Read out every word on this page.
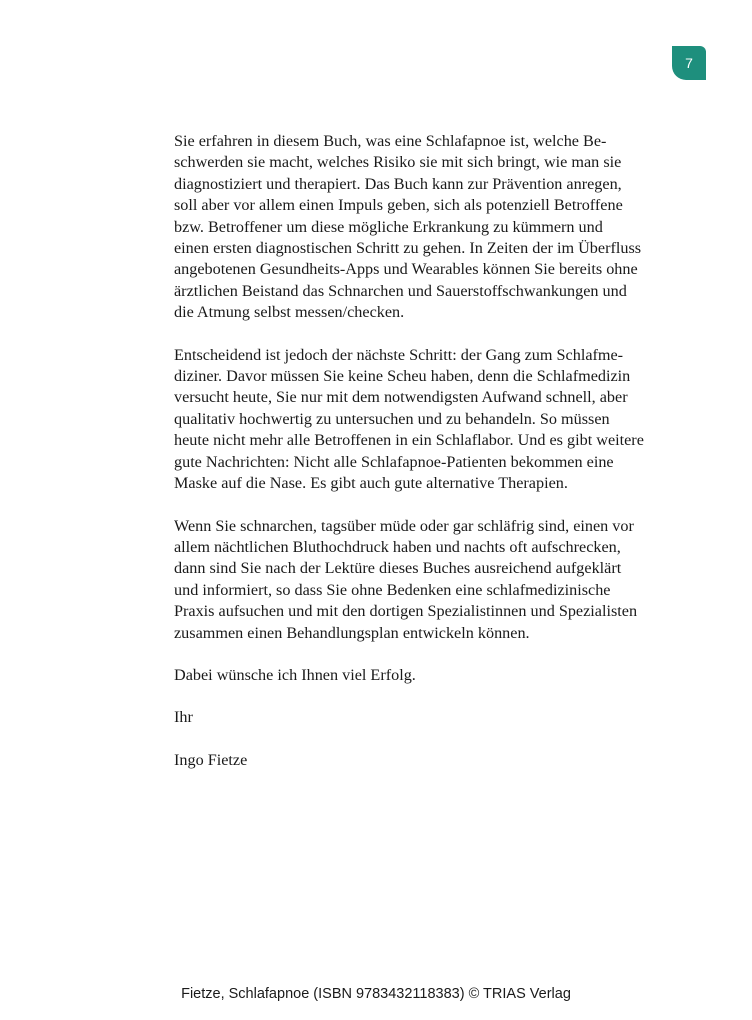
7

Sie erfahren in diesem Buch, was eine Schlafapnoe ist, welche Be-
schwerden sie macht, welches Risiko sie mit sich bringt, wie man sie
diagnostiziert und therapiert. Das Buch kann zur Prävention anregen,
soll aber vor allem einen Impuls geben, sich als potenziell Betroffene
bzw. Betroffener um diese mögliche Erkrankung zu kümmern und
einen ersten diagnostischen Schritt zu gehen. In Zeiten der im Überfluss
angebotenen Gesundheits-Apps und Wearables können Sie bereits ohne
ärztlichen Beistand das Schnarchen und Sauerstoffschwankungen und
die Atmung selbst messen/checken.

Entscheidend ist jedoch der nächste Schritt: der Gang zum Schlafme-
diziner. Davor müssen Sie keine Scheu haben, denn die Schlafmedizin
versucht heute, Sie nur mit dem notwendigsten Aufwand schnell, aber
qualitativ hochwertig zu untersuchen und zu behandeln. So müssen
heute nicht mehr alle Betroffenen in ein Schlaflabor. Und es gibt weitere
gute Nachrichten: Nicht alle Schlafapnoe-Patienten bekommen eine
Maske auf die Nase. Es gibt auch gute alternative Therapien.

Wenn Sie schnarchen, tagsüber müde oder gar schläfrig sind, einen vor
allem nächtlichen Bluthochdruck haben und nachts oft aufschrecken,
dann sind Sie nach der Lektüre dieses Buches ausreichend aufgeklärt
und informiert, so dass Sie ohne Bedenken eine schlafmedizinische
Praxis aufsuchen und mit den dortigen Spezialistinnen und Spezialisten
zusammen einen Behandlungsplan entwickeln können.

Dabei wünsche ich Ihnen viel Erfolg.

Ihr

Ingo Fietze

Fietze, Schlafapnoe (ISBN 9783432118383) © TRIAS Verlag
